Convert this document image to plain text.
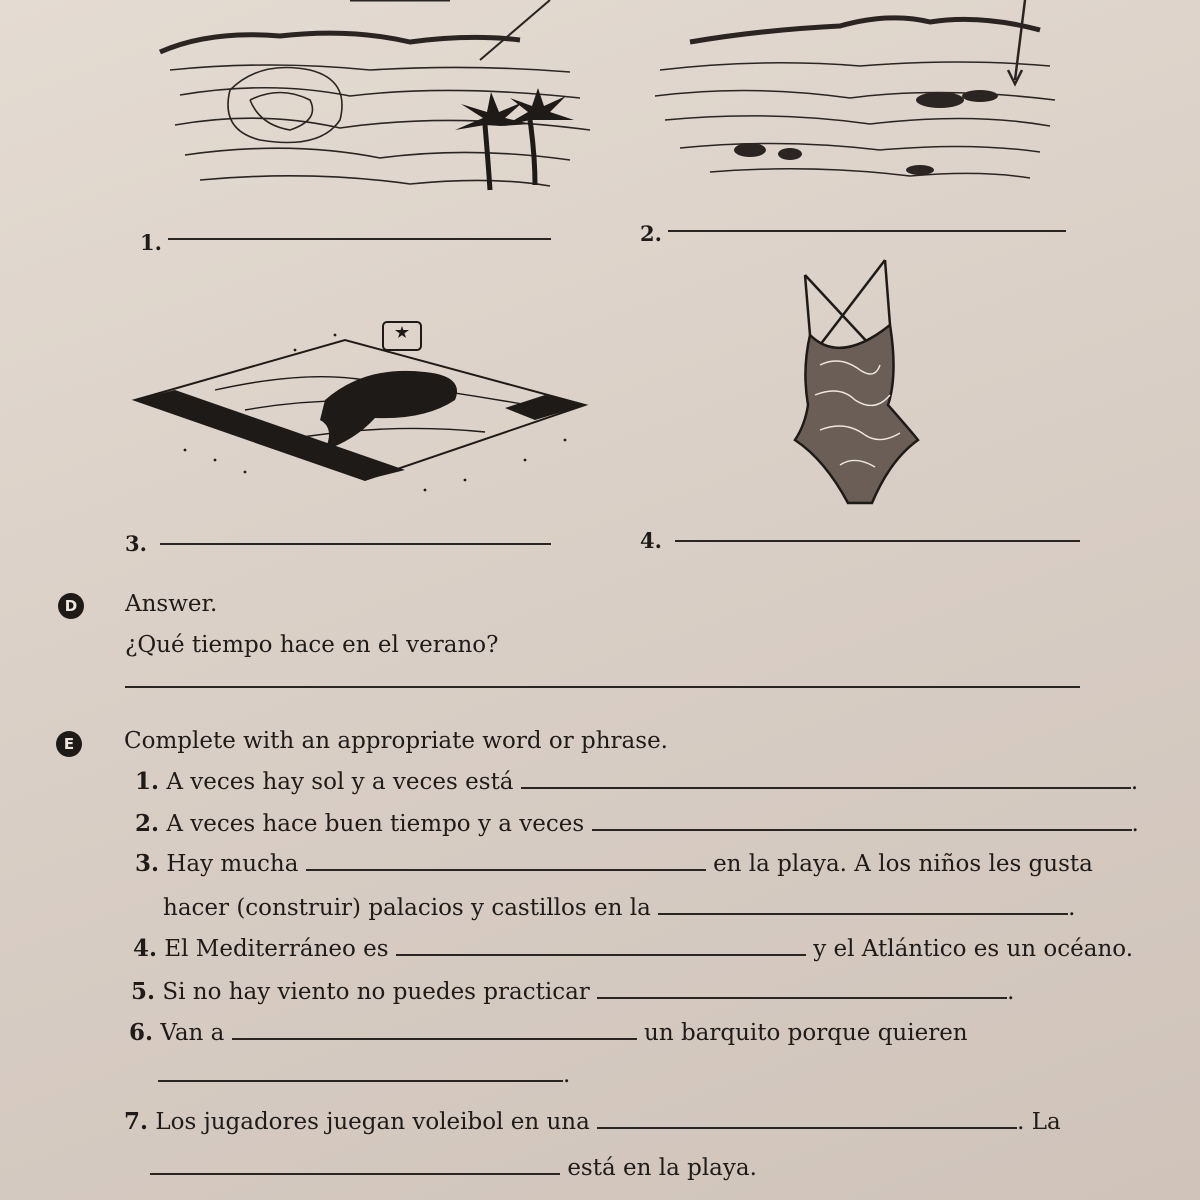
1.	2.
3.	4.
D Answer.
¿Qué tiempo hace en el verano?
E	Complete with an appropriate word or phrase.
1. A veces hay sol y a veces está	.
2. A veces hace buen tiempo y a veces	.
3. Hay mucha	en la playa. A los niños les gusta
hacer (construir) palacios y castillos en la	.
4. El Mediterráneo es	y el Atlántico es un océano.
5. Si no hay viento no puedes practicar	.
6. Van a	un barquito porque quieren
.
7. Los jugadores juegan voleibol en una	. La
está en la playa.
